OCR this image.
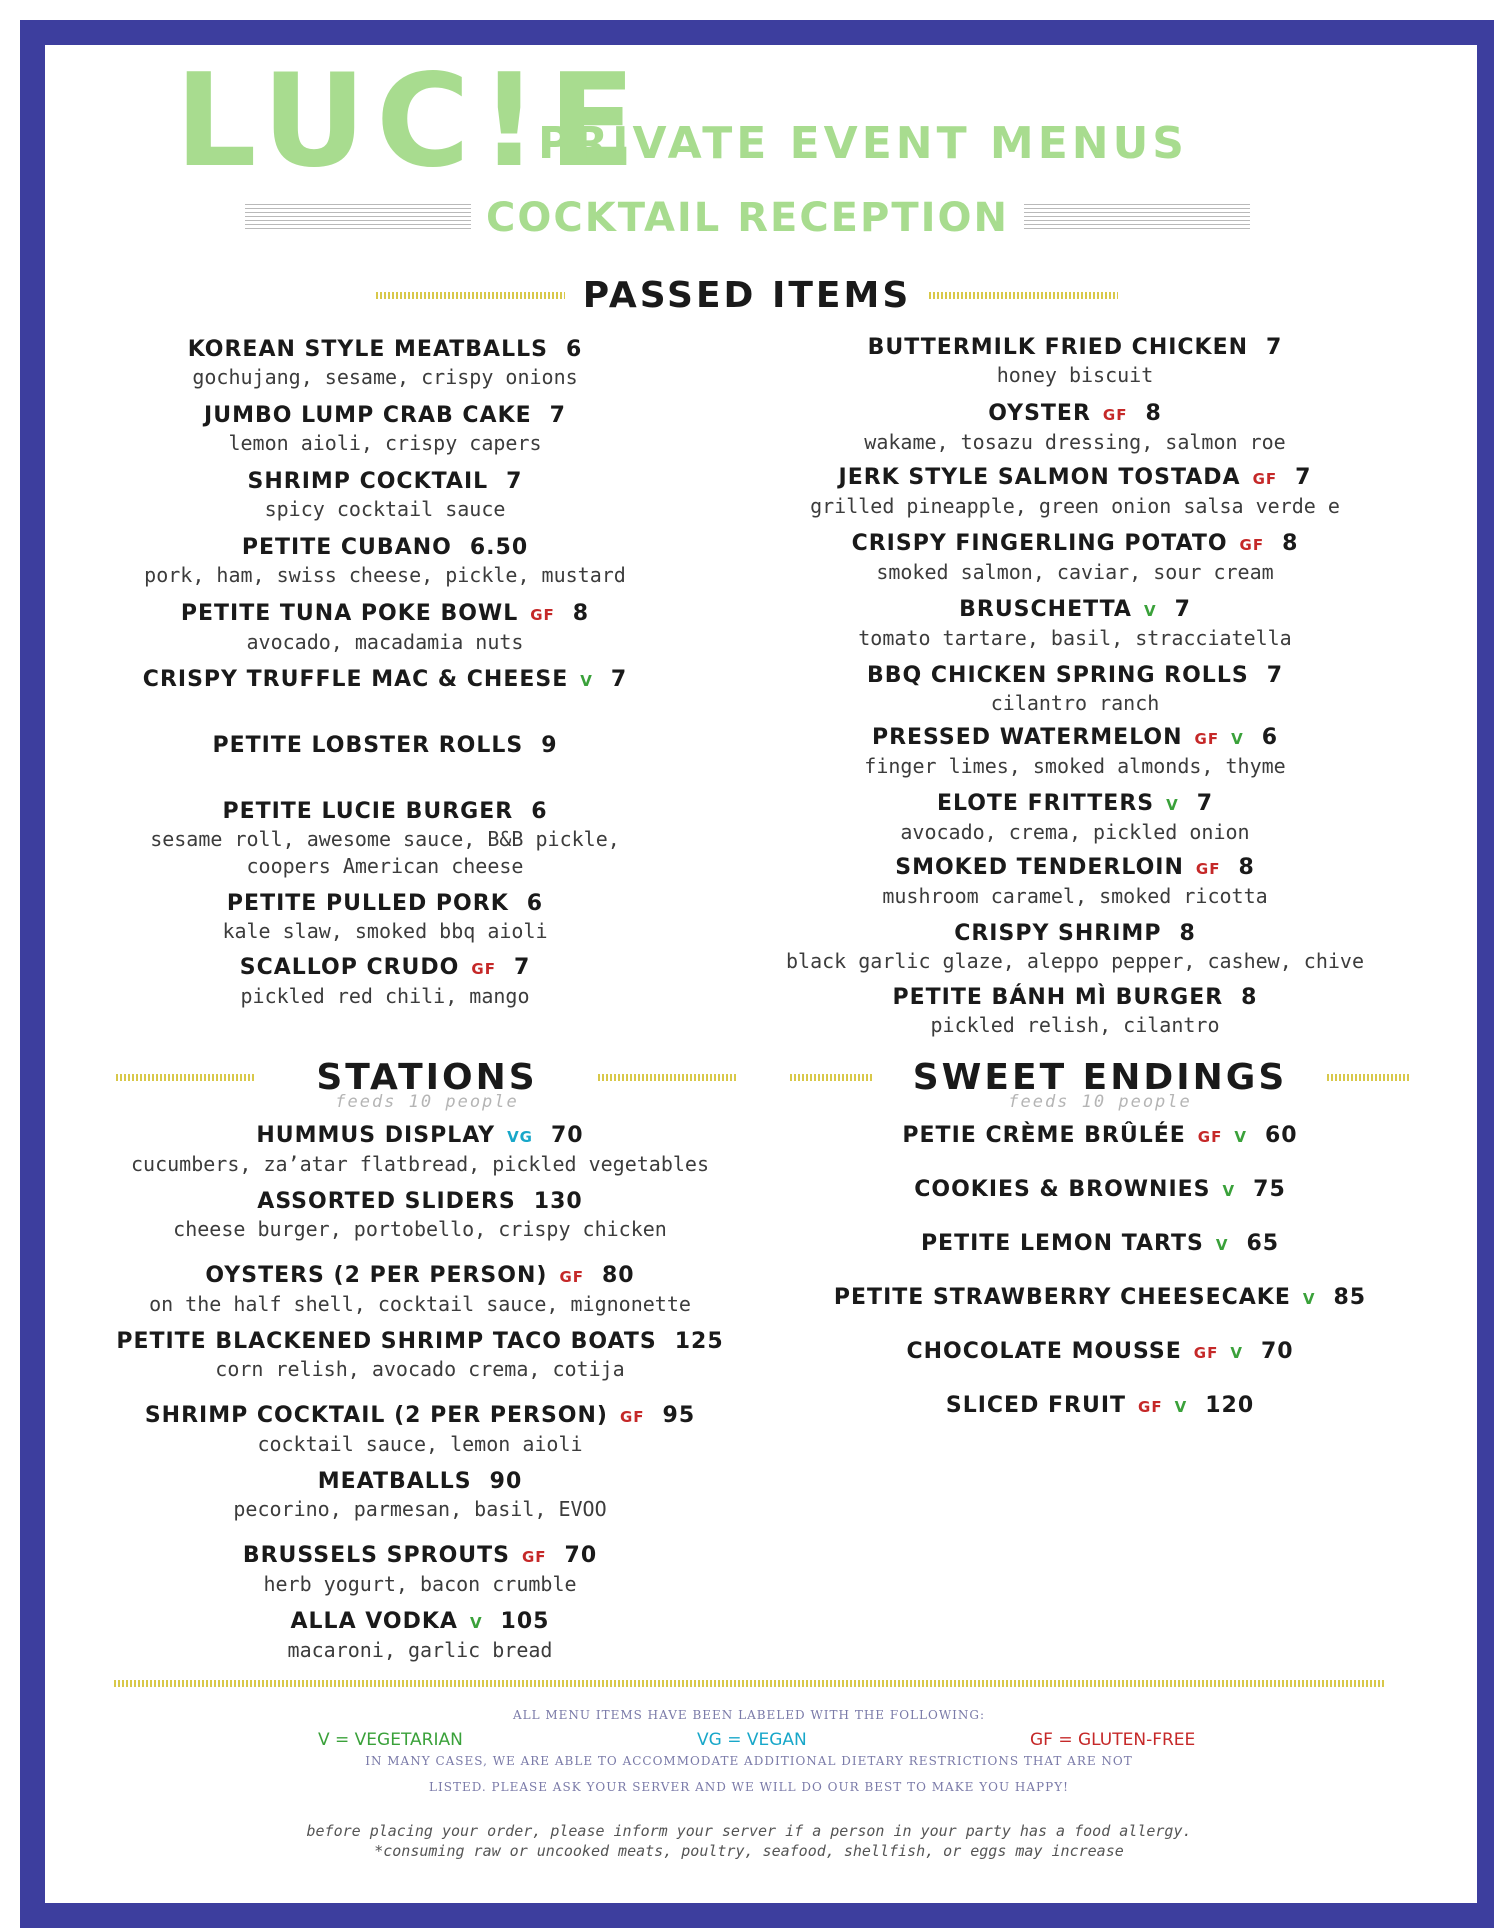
LUC!E
PRIVATE EVENT MENUS
COCKTAIL RECEPTION
PASSED ITEMS
KOREAN STYLE MEATBALLS 6
gochujang, sesame, crispy onions
JUMBO LUMP CRAB CAKE 7
lemon aioli, crispy capers
SHRIMP COCKTAIL 7
spicy cocktail sauce
PETITE CUBANO 6.50
pork, ham, swiss cheese, pickle, mustard
PETITE TUNA POKE BOWL GF 8
avocado, macadamia nuts
CRISPY TRUFFLE MAC & CHEESE V 7
PETITE LOBSTER ROLLS 9
PETITE LUCIE BURGER 6
sesame roll, awesome sauce, B&B pickle,
coopers American cheese
PETITE PULLED PORK 6
kale slaw, smoked bbq aioli
SCALLOP CRUDO GF 7
pickled red chili, mango
BUTTERMILK FRIED CHICKEN 7
honey biscuit
OYSTER GF 8
wakame, tosazu dressing, salmon roe
JERK STYLE SALMON TOSTADA GF 7
grilled pineapple, green onion salsa verde e
CRISPY FINGERLING POTATO GF 8
smoked salmon, caviar, sour cream
BRUSCHETTA V 7
tomato tartare, basil, stracciatella
BBQ CHICKEN SPRING ROLLS 7
cilantro ranch
PRESSED WATERMELON GF V 6
finger limes, smoked almonds, thyme
ELOTE FRITTERS V 7
avocado, crema, pickled onion
SMOKED TENDERLOIN GF 8
mushroom caramel, smoked ricotta
CRISPY SHRIMP 8
black garlic glaze, aleppo pepper, cashew, chive
PETITE BÁNH MÌ BURGER 8
pickled relish, cilantro
STATIONS
feeds 10 people
SWEET ENDINGS
feeds 10 people
HUMMUS DISPLAY VG 70
cucumbers, za’atar flatbread, pickled vegetables
ASSORTED SLIDERS 130
cheese burger, portobello, crispy chicken
OYSTERS (2 PER PERSON) GF 80
on the half shell, cocktail sauce, mignonette
PETITE BLACKENED SHRIMP TACO BOATS 125
corn relish, avocado crema, cotija
SHRIMP COCKTAIL (2 PER PERSON) GF 95
cocktail sauce, lemon aioli
MEATBALLS 90
pecorino, parmesan, basil, EVOO
BRUSSELS SPROUTS GF 70
herb yogurt, bacon crumble
ALLA VODKA V 105
macaroni, garlic bread
PETIE CRÈME BRÛLÉE GF V 60
COOKIES & BROWNIES V 75
PETITE LEMON TARTS V 65
PETITE STRAWBERRY CHEESECAKE V 85
CHOCOLATE MOUSSE GF V 70
SLICED FRUIT GF V 120
ALL MENU ITEMS HAVE BEEN LABELED WITH THE FOLLOWING:
V = VEGETARIAN	VG = VEGAN	GF = GLUTEN-FREE
IN MANY CASES, WE ARE ABLE TO ACCOMMODATE ADDITIONAL DIETARY RESTRICTIONS THAT ARE NOT
LISTED. PLEASE ASK YOUR SERVER AND WE WILL DO OUR BEST TO MAKE YOU HAPPY!
before placing your order, please inform your server if a person in your party has a food allergy.
*consuming raw or uncooked meats, poultry, seafood, shellfish, or eggs may increase
